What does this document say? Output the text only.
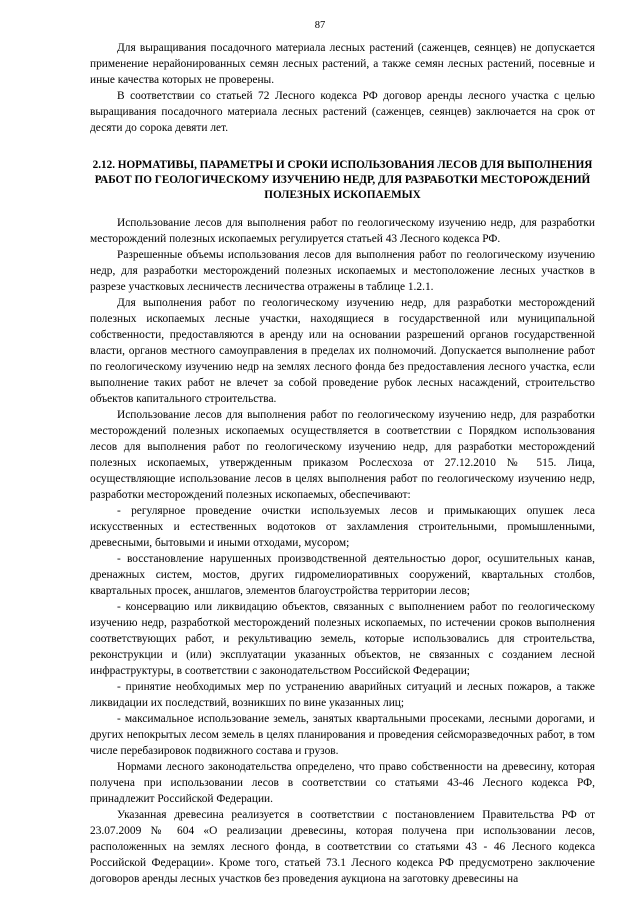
87

Для выращивания посадочного материала лесных растений (саженцев, сеянцев) не допускается применение нерайонированных семян лесных растений, а также семян лесных растений, посевные и иные качества которых не проверены.

В соответствии со статьей 72 Лесного кодекса РФ договор аренды лесного участка с целью выращивания посадочного материала лесных растений (саженцев, сеянцев) заключается на срок от десяти до сорока девяти лет.

2.12. НОРМАТИВЫ, ПАРАМЕТРЫ И СРОКИ ИСПОЛЬЗОВАНИЯ ЛЕСОВ ДЛЯ ВЫПОЛНЕНИЯ РАБОТ ПО ГЕОЛОГИЧЕСКОМУ ИЗУЧЕНИЮ НЕДР, ДЛЯ РАЗРАБОТКИ МЕСТОРОЖДЕНИЙ ПОЛЕЗНЫХ ИСКОПАЕМЫХ

Использование лесов для выполнения работ по геологическому изучению недр, для разработки месторождений полезных ископаемых регулируется статьей 43 Лесного кодекса РФ.

Разрешенные объемы использования лесов для выполнения работ по геологическому изучению недр, для разработки месторождений полезных ископаемых и местоположение лесных участков в разрезе участковых лесничеств лесничества отражены в таблице 1.2.1.

Для выполнения работ по геологическому изучению недр, для разработки месторождений полезных ископаемых лесные участки, находящиеся в государственной или муниципальной собственности, предоставляются в аренду или на основании разрешений органов государственной власти, органов местного самоуправления в пределах их полномочий. Допускается выполнение работ по геологическому изучению недр на землях лесного фонда без предоставления лесного участка, если выполнение таких работ не влечет за собой проведение рубок лесных насаждений, строительство объектов капитального строительства.

Использование лесов для выполнения работ по геологическому изучению недр, для разработки месторождений полезных ископаемых осуществляется в соответствии с Порядком использования лесов для выполнения работ по геологическому изучению недр, для разработки месторождений полезных ископаемых, утвержденным приказом Рослесхоза от 27.12.2010 № 515. Лица, осуществляющие использование лесов в целях выполнения работ по геологическому изучению недр, разработки месторождений полезных ископаемых, обеспечивают:

- регулярное проведение очистки используемых лесов и примыкающих опушек леса искусственных и естественных водотоков от захламления строительными, промышленными, древесными, бытовыми и иными отходами, мусором;

- восстановление нарушенных производственной деятельностью дорог, осушительных канав, дренажных систем, мостов, других гидромелиоративных сооружений, квартальных столбов, квартальных просек, аншлагов, элементов благоустройства территории лесов;

- консервацию или ликвидацию объектов, связанных с выполнением работ по геологическому изучению недр, разработкой месторождений полезных ископаемых, по истечении сроков выполнения соответствующих работ, и рекультивацию земель, которые использовались для строительства, реконструкции и (или) эксплуатации указанных объектов, не связанных с созданием лесной инфраструктуры, в соответствии с законодательством Российской Федерации;

- принятие необходимых мер по устранению аварийных ситуаций и лесных пожаров, а также ликвидации их последствий, возникших по вине указанных лиц;

- максимальное использование земель, занятых квартальными просеками, лесными дорогами, и других непокрытых лесом земель в целях планирования и проведения сейсморазведочных работ, в том числе перебазировок подвижного состава и грузов.

Нормами лесного законодательства определено, что право собственности на древесину, которая получена при использовании лесов в соответствии со статьями 43-46 Лесного кодекса РФ, принадлежит Российской Федерации.

Указанная древесина реализуется в соответствии с постановлением Правительства РФ от 23.07.2009 № 604 «О реализации древесины, которая получена при использовании лесов, расположенных на землях лесного фонда, в соответствии со статьями 43 - 46 Лесного кодекса Российской Федерации». Кроме того, статьей 73.1 Лесного кодекса РФ предусмотрено заключение договоров аренды лесных участков без проведения аукциона на заготовку древесины на
